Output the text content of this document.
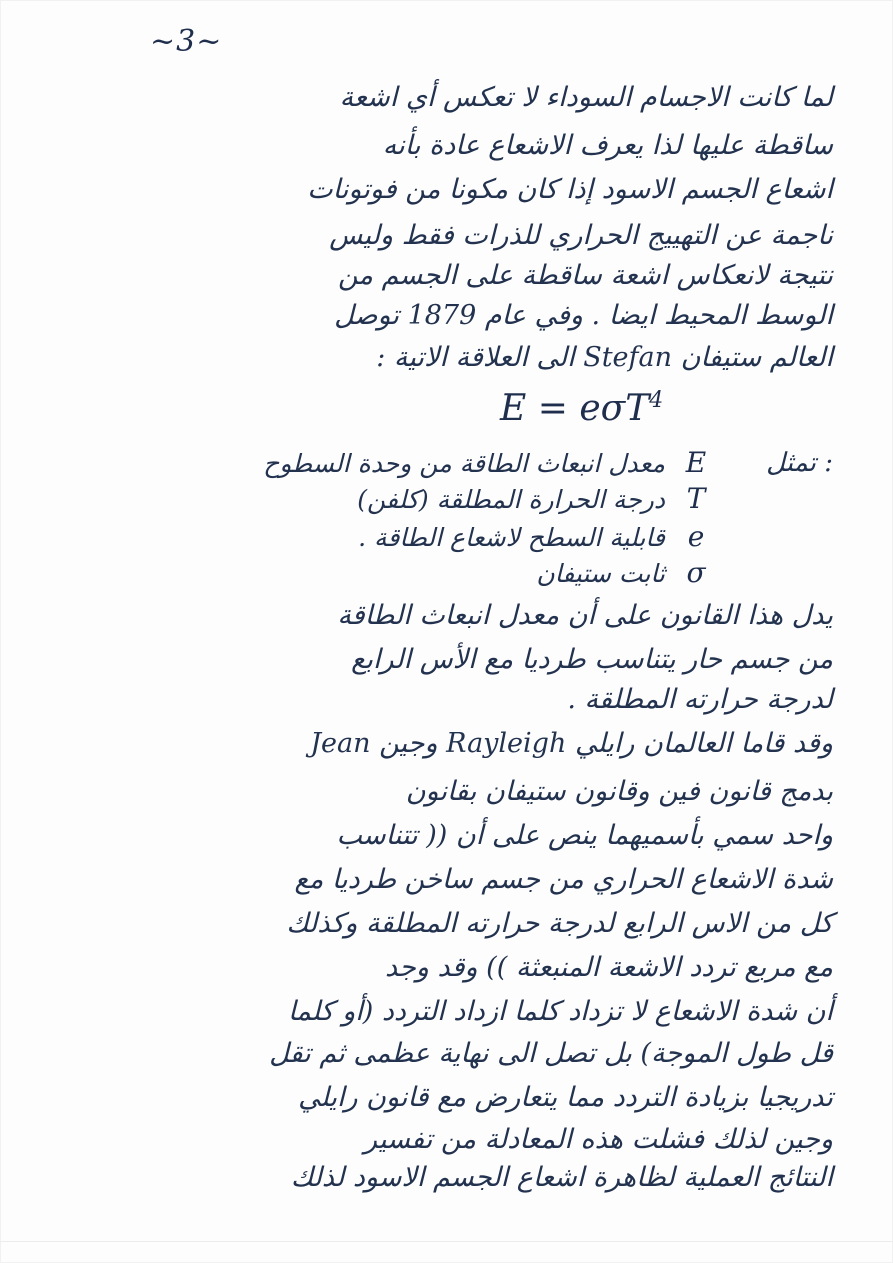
~3~
لما كانت الاجسام السوداء لا تعكس أي اشعة
ساقطة عليها لذا يعرف الاشعاع عادة بأنه
اشعاع الجسم الاسود إذا كان مكونا من فوتونات
ناجمة عن التهييج الحراري للذرات فقط وليس
نتيجة لانعكاس اشعة ساقطة على الجسم من
الوسط المحيط ايضا . وفي عام 1879 توصل
العالم ستيفان Stefan الى العلاقة الاتية :
E = eσT$^4$
تمثل :
Eمعدل انبعاث الطاقة من وحدة السطوح
Tدرجة الحرارة المطلقة (كلفن)
eقابلية السطح لاشعاع الطاقة .
σثابت ستيفان
يدل هذا القانون على أن معدل انبعاث الطاقة
من جسم حار يتناسب طرديا مع الأس الرابع
لدرجة حرارته المطلقة .
وقد قاما العالمان رايلي Rayleigh وجين Jean
بدمج قانون فين وقانون ستيفان بقانون
واحد سمي بأسميهما ينص على أن (( تتناسب
شدة الاشعاع الحراري من جسم ساخن طرديا مع
كل من الاس الرابع لدرجة حرارته المطلقة وكذلك
مع مربع تردد الاشعة المنبعثة )) وقد وجد
أن شدة الاشعاع لا تزداد كلما ازداد التردد (أو كلما
قل طول الموجة) بل تصل الى نهاية عظمى ثم تقل
تدريجيا بزيادة التردد مما يتعارض مع قانون رايلي
وجين لذلك فشلت هذه المعادلة من تفسير
النتائج العملية لظاهرة اشعاع الجسم الاسود لذلك
